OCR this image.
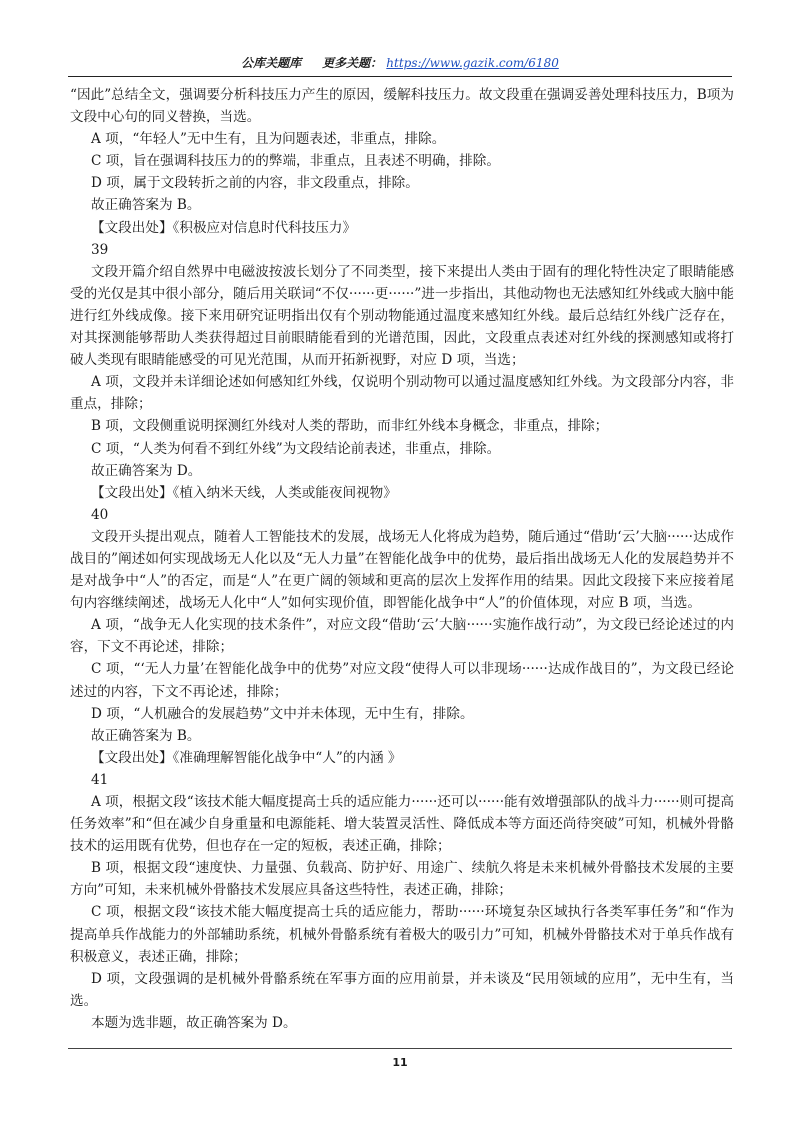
公库关题库 更多关题： https://www.gazik.com/6180

“因此”总结全文，强调要分析科技压力产生的原因，缓解科技压力。故文段重在强调妥善处理科技压力，B项为文段中心句的同义替换，当选。

A 项，“年轻人”无中生有，且为问题表述，非重点，排除。

C 项，旨在强调科技压力的的弊端，非重点，且表述不明确，排除。

D 项，属于文段转折之前的内容，非文段重点，排除。

故正确答案为 B。

【文段出处】《积极应对信息时代科技压力》

39

文段开篇介绍自然界中电磁波按波长划分了不同类型，接下来提出人类由于固有的理化特性决定了眼睛能感受的光仅是其中很小部分，随后用关联词“不仅······更······”进一步指出，其他动物也无法感知红外线或大脑中能进行红外线成像。接下来用研究证明指出仅有个别动物能通过温度来感知红外线。最后总结红外线广泛存在，对其探测能够帮助人类获得超过目前眼睛能看到的光谱范围，因此，文段重点表述对红外线的探测感知或将打破人类现有眼睛能感受的可见光范围，从而开拓新视野，对应 D 项，当选；

A 项，文段并未详细论述如何感知红外线，仅说明个别动物可以通过温度感知红外线。为文段部分内容，非重点，排除；

B 项，文段侧重说明探测红外线对人类的帮助，而非红外线本身概念，非重点，排除；

C 项，“人类为何看不到红外线”为文段结论前表述，非重点，排除。

故正确答案为 D。

【文段出处】《植入纳米天线，人类或能夜间视物》

40

文段开头提出观点，随着人工智能技术的发展，战场无人化将成为趋势，随后通过“借助‘云’大脑······达成作战目的”阐述如何实现战场无人化以及“无人力量”在智能化战争中的优势，最后指出战场无人化的发展趋势并不是对战争中“人”的否定，而是“人”在更广阔的领域和更高的层次上发挥作用的结果。因此文段接下来应接着尾句内容继续阐述，战场无人化中“人”如何实现价值，即智能化战争中“人”的价值体现，对应 B 项，当选。

A 项，“战争无人化实现的技术条件”，对应文段“借助‘云’大脑······实施作战行动”，为文段已经论述过的内容，下文不再论述，排除；

C 项，“‘无人力量’在智能化战争中的优势”对应文段“使得人可以非现场······达成作战目的”，为文段已经论述过的内容，下文不再论述，排除；

D 项，“人机融合的发展趋势”文中并未体现，无中生有，排除。

故正确答案为 B。

【文段出处】《准确理解智能化战争中“人”的内涵 》

41

A 项，根据文段“该技术能大幅度提高士兵的适应能力······还可以······能有效增强部队的战斗力······则可提高任务效率”和“但在减少自身重量和电源能耗、增大装置灵活性、降低成本等方面还尚待突破”可知，机械外骨骼技术的运用既有优势，但也存在一定的短板，表述正确，排除；

B 项，根据文段“速度快、力量强、负载高、防护好、用途广、续航久将是未来机械外骨骼技术发展的主要方向”可知，未来机械外骨骼技术发展应具备这些特性，表述正确，排除；

C 项，根据文段“该技术能大幅度提高士兵的适应能力，帮助······环境复杂区域执行各类军事任务”和“作为提高单兵作战能力的外部辅助系统，机械外骨骼系统有着极大的吸引力”可知，机械外骨骼技术对于单兵作战有积极意义，表述正确，排除；

D 项，文段强调的是机械外骨骼系统在军事方面的应用前景，并未谈及“民用领域的应用”，无中生有，当选。

本题为选非题，故正确答案为 D。

11
